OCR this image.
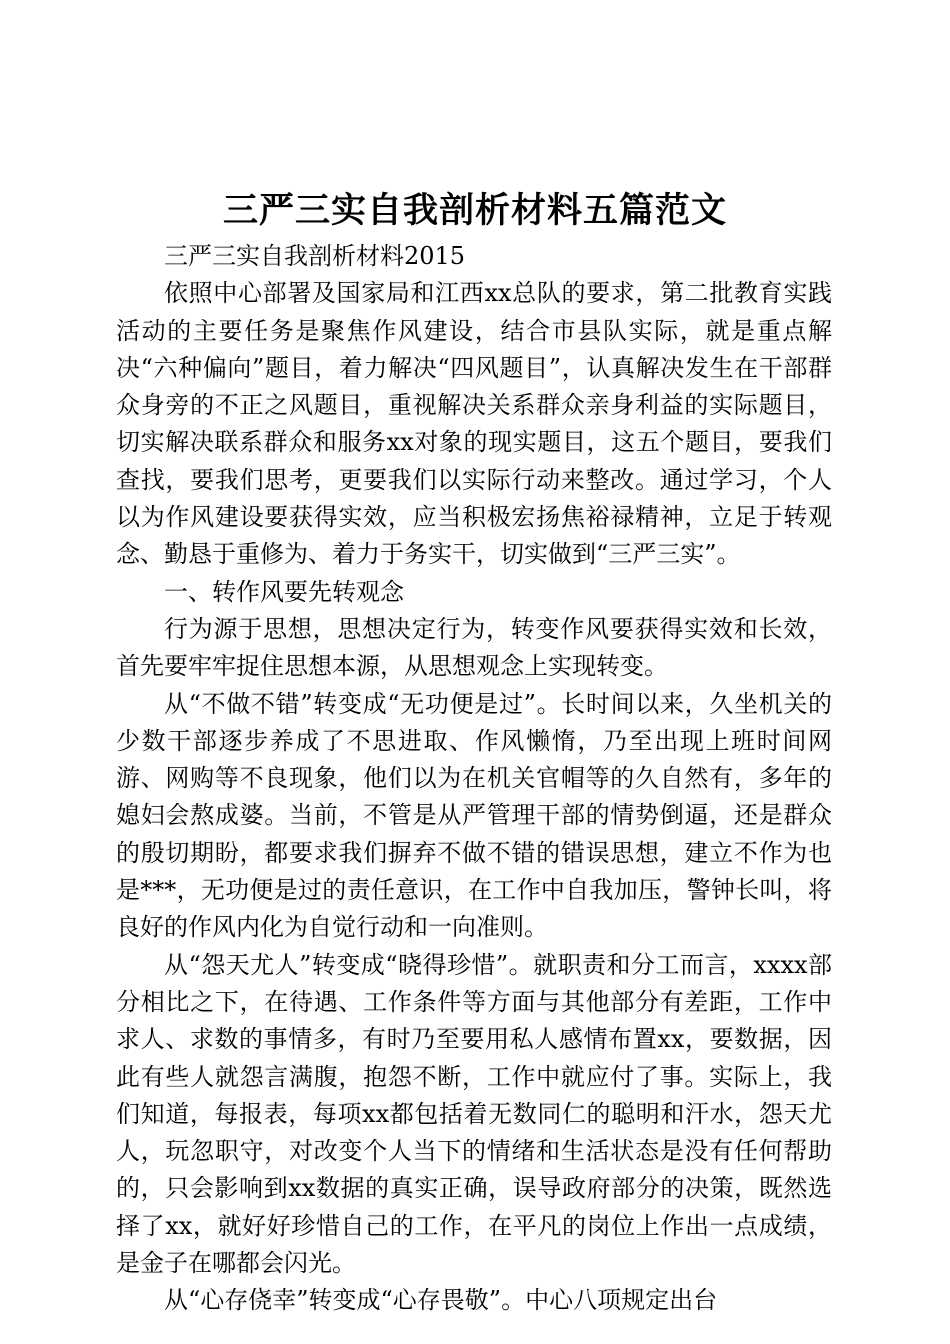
三严三实自我剖析材料五篇范文

三严三实自我剖析材料2015

依照中心部署及国家局和江西xx总队的要求，第二批教育实践活动的主要任务是聚焦作风建设，结合市县队实际，就是重点解决“六种偏向”题目，着力解决“四风题目”，认真解决发生在干部群众身旁的不正之风题目，重视解决关系群众亲身利益的实际题目，切实解决联系群众和服务xx对象的现实题目，这五个题目，要我们查找，要我们思考，更要我们以实际行动来整改。通过学习，个人以为作风建设要获得实效，应当积极宏扬焦裕禄精神，立足于转观念、勤恳于重修为、着力于务实干，切实做到“三严三实”。

一、转作风要先转观念

行为源于思想，思想决定行为，转变作风要获得实效和长效，首先要牢牢捉住思想本源，从思想观念上实现转变。

从“不做不错”转变成“无功便是过”。长时间以来，久坐机关的少数干部逐步养成了不思进取、作风懒惰，乃至出现上班时间网游、网购等不良现象，他们以为在机关官帽等的久自然有，多年的媳妇会熬成婆。当前，不管是从严管理干部的情势倒逼，还是群众的殷切期盼，都要求我们摒弃不做不错的错误思想，建立不作为也是***，无功便是过的责任意识，在工作中自我加压，警钟长叫，将良好的作风内化为自觉行动和一向准则。

从“怨天尤人”转变成“晓得珍惜”。就职责和分工而言，xxxx部分相比之下，在待遇、工作条件等方面与其他部分有差距，工作中求人、求数的事情多，有时乃至要用私人感情布置xx，要数据，因此有些人就怨言满腹，抱怨不断，工作中就应付了事。实际上，我们知道，每报表，每项xx都包括着无数同仁的聪明和汗水，怨天尤人，玩忽职守，对改变个人当下的情绪和生活状态是没有任何帮助的，只会影响到xx数据的真实正确，误导政府部分的决策，既然选择了xx，就好好珍惜自己的工作，在平凡的岗位上作出一点成绩，是金子在哪都会闪光。

从“心存侥幸”转变成“心存畏敬”。中心八项规定出台
